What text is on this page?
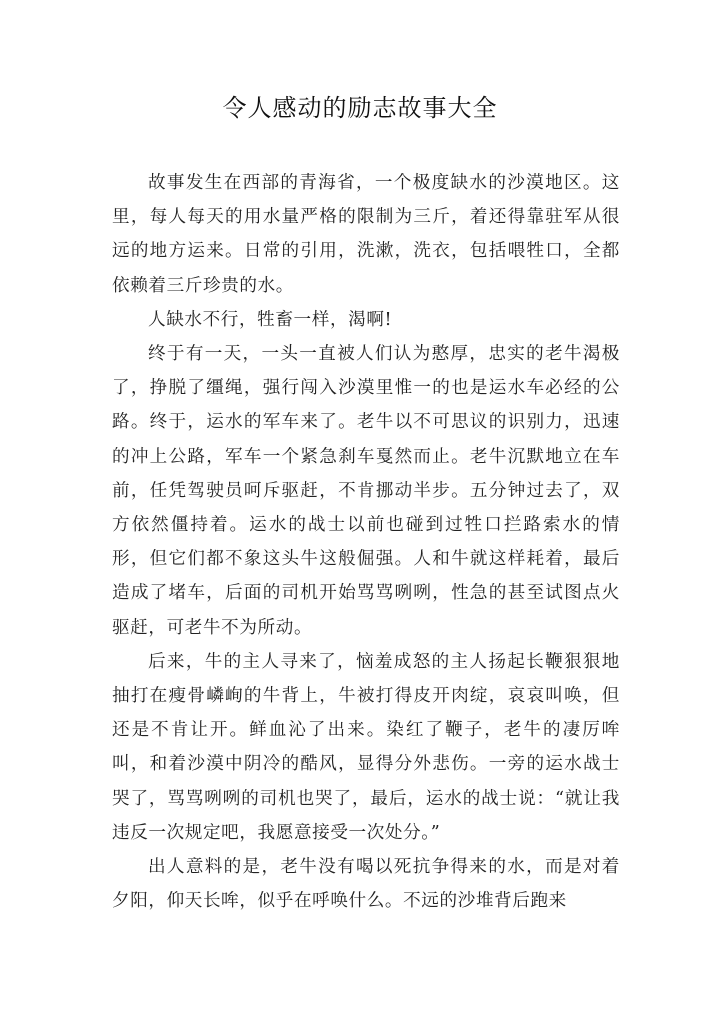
令人感动的励志故事大全

故事发生在西部的青海省，一个极度缺水的沙漠地区。这里，每人每天的用水量严格的限制为三斤，着还得靠驻军从很远的地方运来。日常的引用，洗漱，洗衣，包括喂牲口，全都依赖着三斤珍贵的水。

人缺水不行，牲畜一样，渴啊!

终于有一天，一头一直被人们认为憨厚，忠实的老牛渴极了，挣脱了缰绳，强行闯入沙漠里惟一的也是运水车必经的公路。终于，运水的军车来了。老牛以不可思议的识别力，迅速的冲上公路，军车一个紧急刹车戛然而止。老牛沉默地立在车前，任凭驾驶员呵斥驱赶，不肯挪动半步。五分钟过去了，双方依然僵持着。运水的战士以前也碰到过牲口拦路索水的情形，但它们都不象这头牛这般倔强。人和牛就这样耗着，最后造成了堵车，后面的司机开始骂骂咧咧，性急的甚至试图点火驱赶，可老牛不为所动。

后来，牛的主人寻来了，恼羞成怒的主人扬起长鞭狠狠地抽打在瘦骨嶙峋的牛背上，牛被打得皮开肉绽，哀哀叫唤，但还是不肯让开。鲜血沁了出来。染红了鞭子，老牛的凄厉哞叫，和着沙漠中阴冷的酷风，显得分外悲伤。一旁的运水战士哭了，骂骂咧咧的司机也哭了，最后，运水的战士说：“就让我违反一次规定吧，我愿意接受一次处分。”

出人意料的是，老牛没有喝以死抗争得来的水，而是对着夕阳，仰天长哞，似乎在呼唤什么。不远的沙堆背后跑来
